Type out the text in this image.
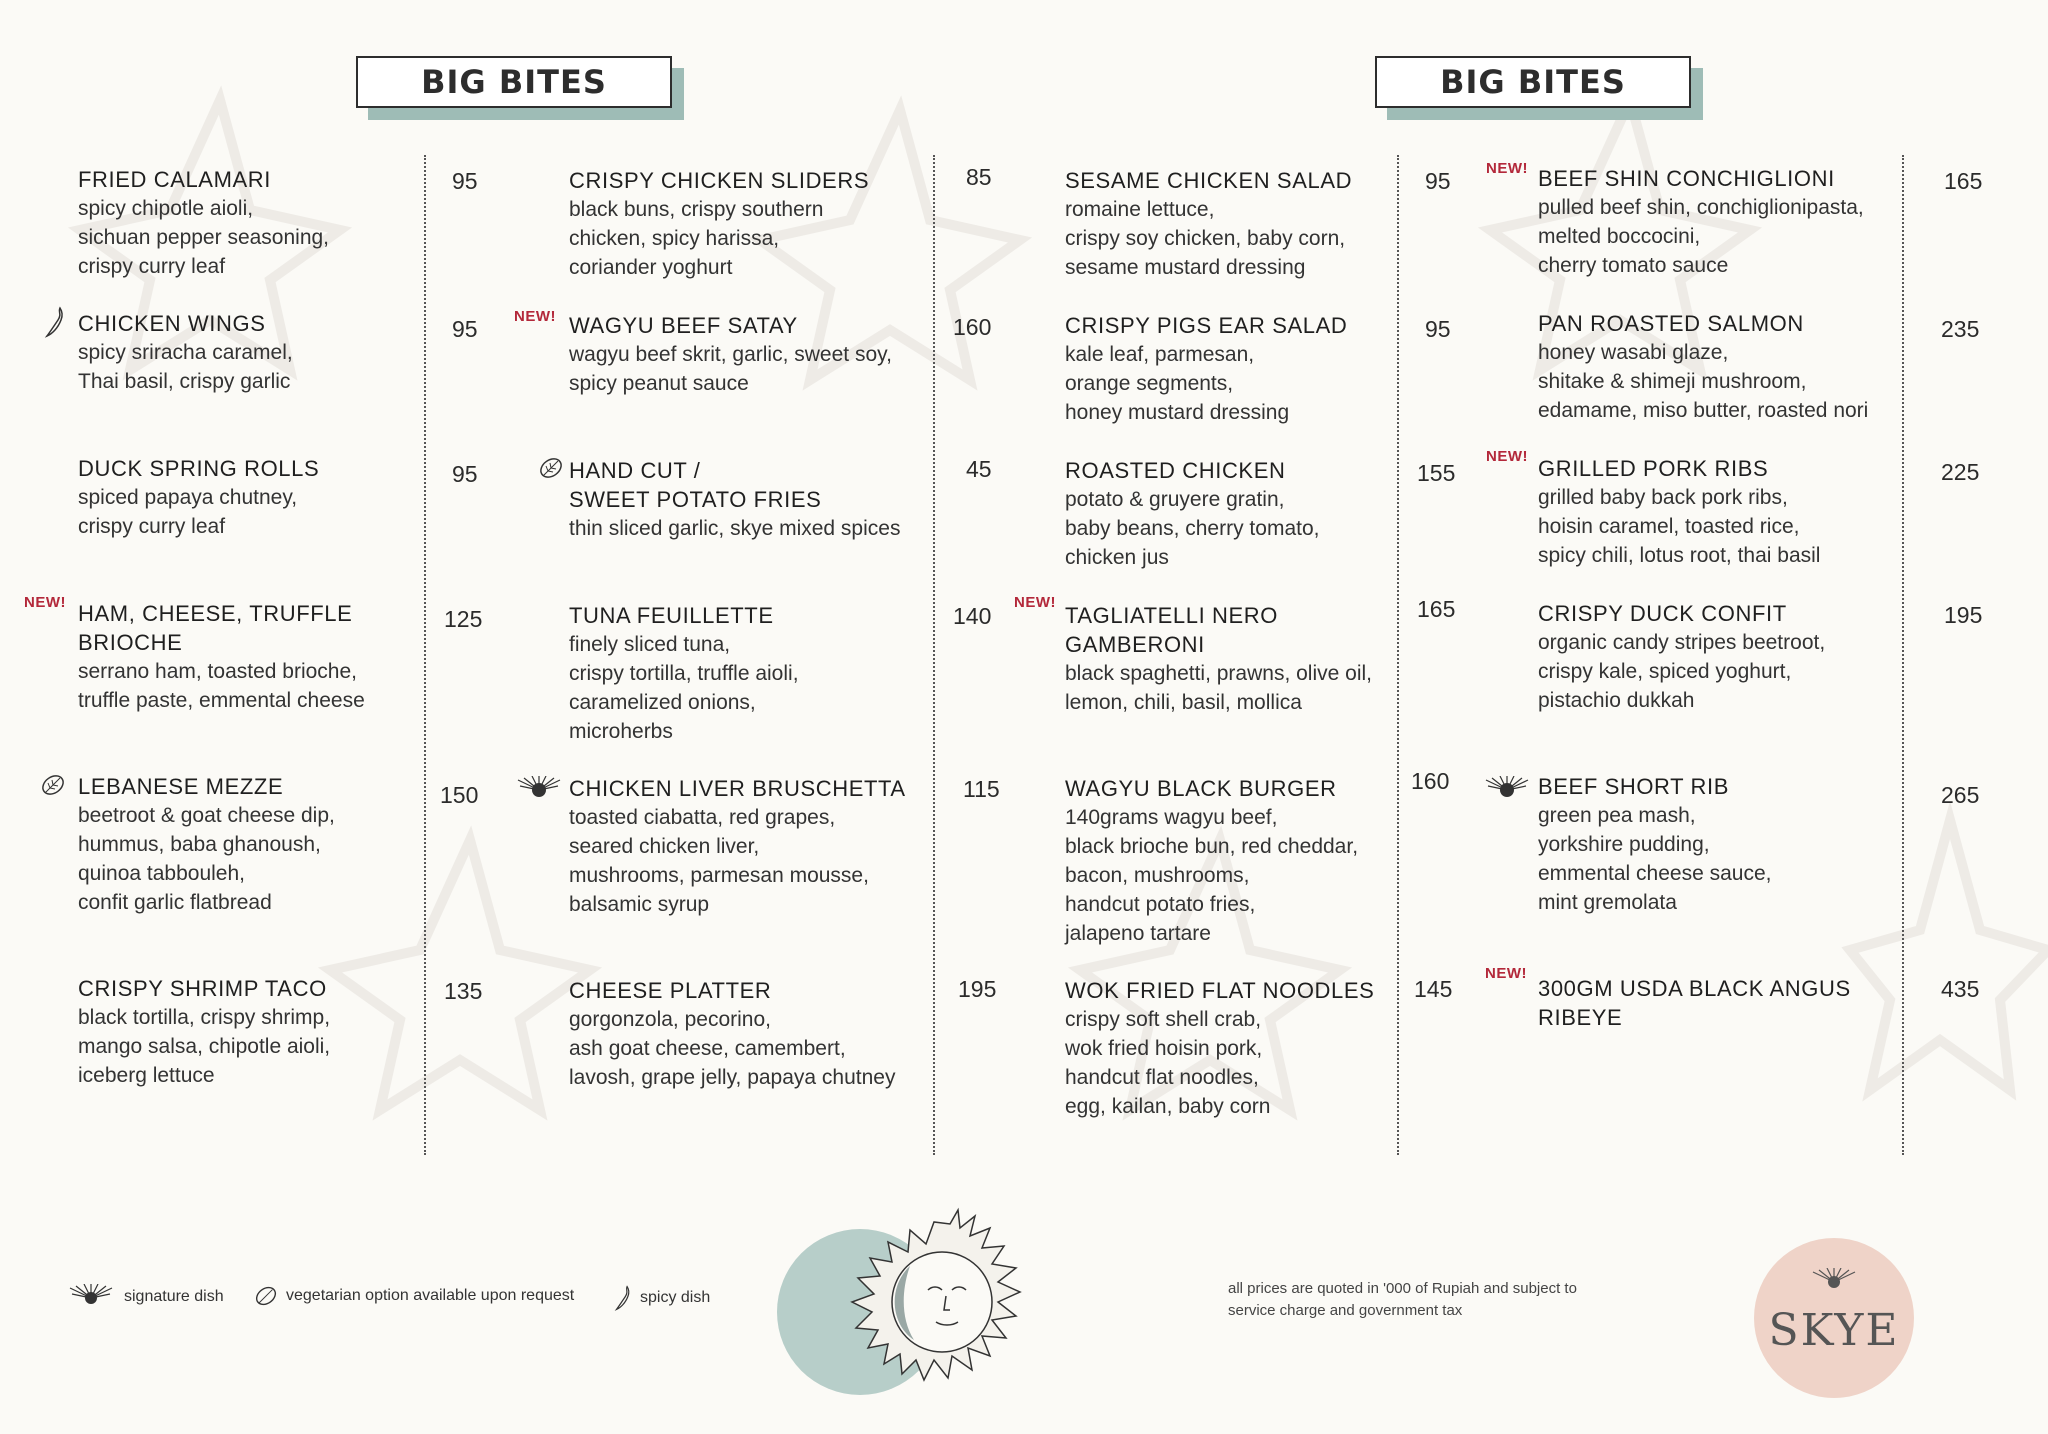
BIG BITES	BIG BITES
NEW!
NEW!
NEW!
NEW!
NEW!
NEW!
FRIED CALAMARI
spicy chipotle aioli,
sichuan pepper seasoning,
crispy curry leaf
95
CHICKEN WINGS
spicy sriracha caramel,
Thai basil, crispy garlic
95
DUCK SPRING ROLLS
spiced papaya chutney,
crispy curry leaf
95
HAM, CHEESE, TRUFFLE
BRIOCHE
serrano ham, toasted brioche,
truffle paste, emmental cheese
125
LEBANESE MEZZE
beetroot & goat cheese dip,
hummus, baba ghanoush,
quinoa tabbouleh,
confit garlic flatbread
150
CRISPY SHRIMP TACO
black tortilla, crispy shrimp,
mango salsa, chipotle aioli,
iceberg lettuce
135
CRISPY CHICKEN SLIDERS
black buns, crispy southern
chicken, spicy harissa,
coriander yoghurt
85
WAGYU BEEF SATAY
wagyu beef skrit, garlic, sweet soy,
spicy peanut sauce
160
HAND CUT /
SWEET POTATO FRIES
thin sliced garlic, skye mixed spices
45
TUNA FEUILLETTE
finely sliced tuna,
crispy tortilla, truffle aioli,
caramelized onions,
microherbs
140
CHICKEN LIVER BRUSCHETTA
toasted ciabatta, red grapes,
seared chicken liver,
mushrooms, parmesan mousse,
balsamic syrup
115
CHEESE PLATTER
gorgonzola, pecorino,
ash goat cheese, camembert,
lavosh, grape jelly, papaya chutney
195
SESAME CHICKEN SALAD
romaine lettuce,
crispy soy chicken, baby corn,
sesame mustard dressing
95
CRISPY PIGS EAR SALAD
kale leaf, parmesan,
orange segments,
honey mustard dressing
95
ROASTED CHICKEN
potato & gruyere gratin,
baby beans, cherry tomato,
chicken jus
155
TAGLIATELLI NERO
GAMBERONI
black spaghetti, prawns, olive oil,
lemon, chili, basil, mollica
165
WAGYU BLACK BURGER
140grams wagyu beef,
black brioche bun, red cheddar,
bacon, mushrooms,
handcut potato fries,
jalapeno tartare
160
WOK FRIED FLAT NOODLES
crispy soft shell crab,
wok fried hoisin pork,
handcut flat noodles,
egg, kailan, baby corn
145
BEEF SHIN CONCHIGLIONI
pulled beef shin, conchiglionipasta,
melted boccocini,
cherry tomato sauce
165
PAN ROASTED SALMON
honey wasabi glaze,
shitake & shimeji mushroom,
edamame, miso butter, roasted nori
235
GRILLED PORK RIBS
grilled baby back pork ribs,
hoisin caramel, toasted rice,
spicy chili, lotus root, thai basil
225
CRISPY DUCK CONFIT
organic candy stripes beetroot,
crispy kale, spiced yoghurt,
pistachio dukkah
195
BEEF SHORT RIB
green pea mash,
yorkshire pudding,
emmental cheese sauce,
mint gremolata
265
300GM USDA BLACK ANGUS
RIBEYE
435
signature dish	vegetarian option available upon request	spicy dish
all prices are quoted in '000 of Rupiah and subject to
service charge and government tax	SKYE
